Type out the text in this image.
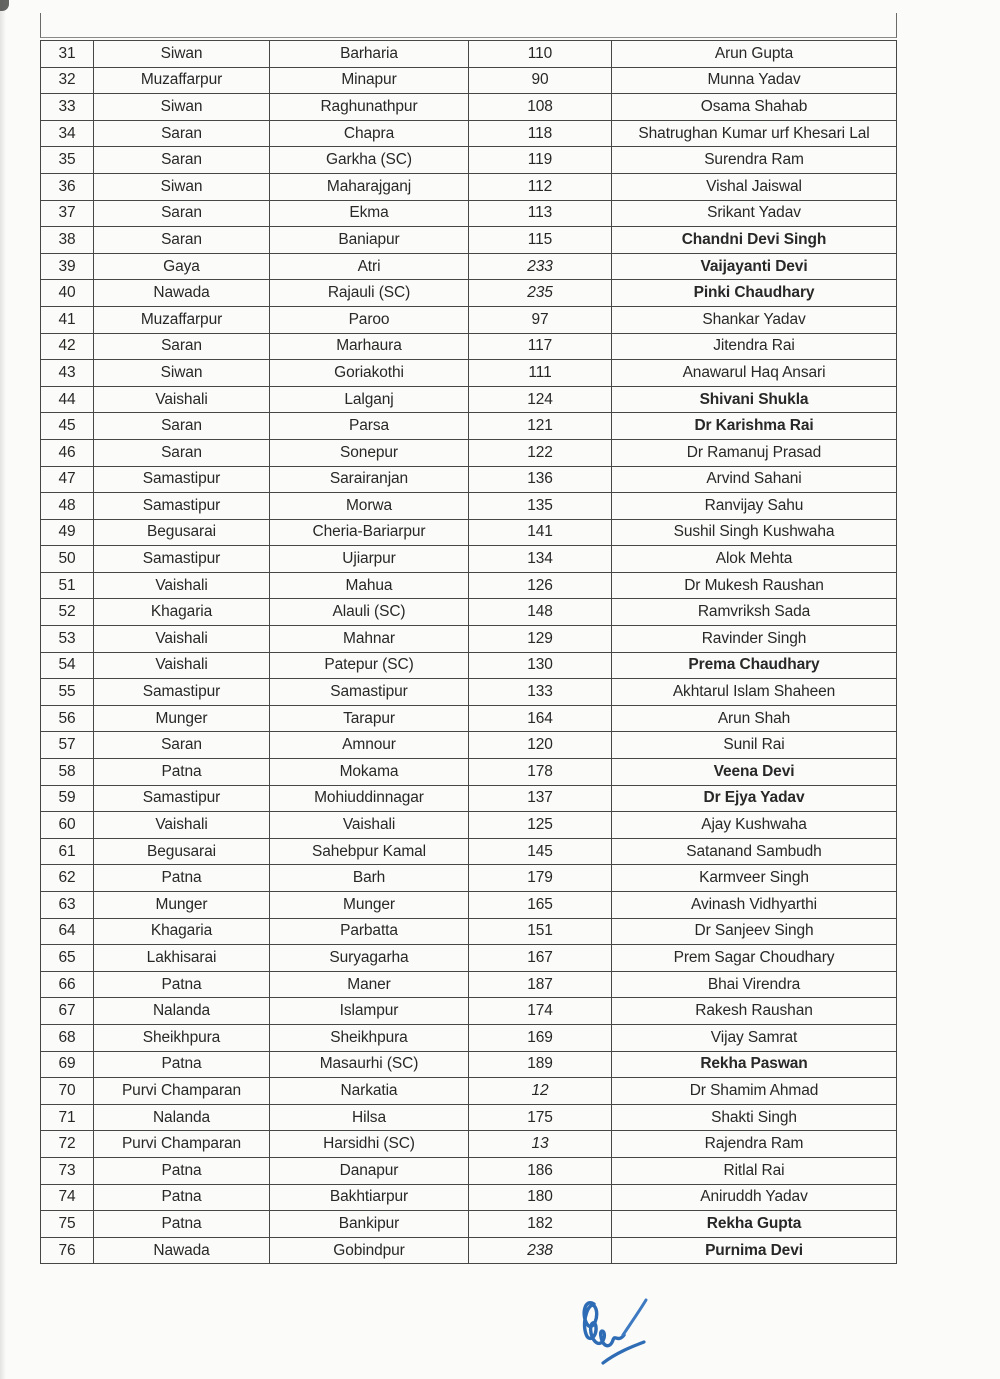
31	Siwan	Barharia	110	Arun Gupta
32	Muzaffarpur	Minapur	90	Munna Yadav
33	Siwan	Raghunathpur	108	Osama Shahab
34	Saran	Chapra	118	Shatrughan Kumar urf Khesari Lal
35	Saran	Garkha (SC)	119	Surendra Ram
36	Siwan	Maharajganj	112	Vishal Jaiswal
37	Saran	Ekma	113	Srikant Yadav
38	Saran	Baniapur	115	Chandni Devi Singh
39	Gaya	Atri	233	Vaijayanti Devi
40	Nawada	Rajauli (SC)	235	Pinki Chaudhary
41	Muzaffarpur	Paroo	97	Shankar Yadav
42	Saran	Marhaura	117	Jitendra Rai
43	Siwan	Goriakothi	111	Anawarul Haq Ansari
44	Vaishali	Lalganj	124	Shivani Shukla
45	Saran	Parsa	121	Dr Karishma Rai
46	Saran	Sonepur	122	Dr Ramanuj Prasad
47	Samastipur	Sarairanjan	136	Arvind Sahani
48	Samastipur	Morwa	135	Ranvijay Sahu
49	Begusarai	Cheria-Bariarpur	141	Sushil Singh Kushwaha
50	Samastipur	Ujiarpur	134	Alok Mehta
51	Vaishali	Mahua	126	Dr Mukesh Raushan
52	Khagaria	Alauli (SC)	148	Ramvriksh Sada
53	Vaishali	Mahnar	129	Ravinder Singh
54	Vaishali	Patepur (SC)	130	Prema Chaudhary
55	Samastipur	Samastipur	133	Akhtarul Islam Shaheen
56	Munger	Tarapur	164	Arun Shah
57	Saran	Amnour	120	Sunil Rai
58	Patna	Mokama	178	Veena Devi
59	Samastipur	Mohiuddinnagar	137	Dr Ejya Yadav
60	Vaishali	Vaishali	125	Ajay Kushwaha
61	Begusarai	Sahebpur Kamal	145	Satanand Sambudh
62	Patna	Barh	179	Karmveer Singh
63	Munger	Munger	165	Avinash Vidhyarthi
64	Khagaria	Parbatta	151	Dr Sanjeev Singh
65	Lakhisarai	Suryagarha	167	Prem Sagar Choudhary
66	Patna	Maner	187	Bhai Virendra
67	Nalanda	Islampur	174	Rakesh Raushan
68	Sheikhpura	Sheikhpura	169	Vijay Samrat
69	Patna	Masaurhi (SC)	189	Rekha Paswan
70	Purvi Champaran	Narkatia	12	Dr Shamim Ahmad
71	Nalanda	Hilsa	175	Shakti Singh
72	Purvi Champaran	Harsidhi (SC)	13	Rajendra Ram
73	Patna	Danapur	186	Ritlal Rai
74	Patna	Bakhtiarpur	180	Aniruddh Yadav
75	Patna	Bankipur	182	Rekha Gupta
76	Nawada	Gobindpur	238	Purnima Devi
